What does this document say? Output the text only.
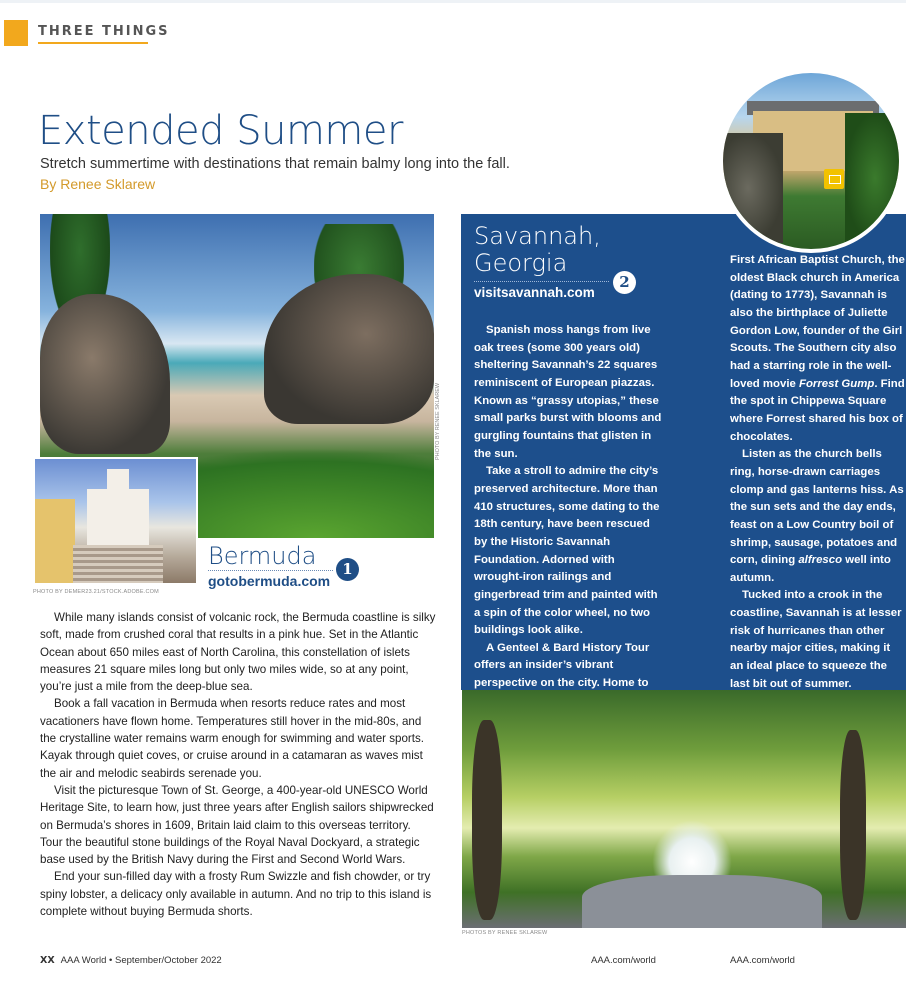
THREE THINGS
Extended Summer
Stretch summertime with destinations that remain balmy long into the fall.
By Renee Sklarew
PHOTO BY RENEE SKLAREW
PHOTO BY DEMER23.21/STOCK.ADOBE.COM
Bermuda
gotobermuda.com
1

While many islands consist of volcanic rock, the Bermuda coastline is silky soft, made from crushed coral that results in a pink hue. Set in the Atlantic Ocean about 650 miles east of North Carolina, this constellation of islets measures 21 square miles long but only two miles wide, so at any point, you’re just a mile from the deep-blue sea.

Book a fall vacation in Bermuda when resorts reduce rates and most vacationers have flown home. Temperatures still hover in the mid-80s, and the crystalline water remains warm enough for swimming and water sports. Kayak through quiet coves, or cruise around in a catamaran as waves mist the air and melodic seabirds serenade you.

Visit the picturesque Town of St. George, a 400-year-old UNESCO World Heritage Site, to learn how, just three years after English sailors shipwrecked on Bermuda’s shores in 1609, Britain laid claim to this overseas territory. Tour the beautiful stone buildings of the Royal Naval Dockyard, a strategic base used by the British Navy during the First and Second World Wars.

End your sun-filled day with a frosty Rum Swizzle and fish chowder, or try spiny lobster, a delicacy only available in autumn. And no trip to this island is complete without buying Bermuda shorts.

Savannah,
Georgia
visitsavannah.com
2

Spanish moss hangs from live oak trees (some 300 years old) sheltering Savannah’s 22 squares reminiscent of European piazzas. Known as “grassy utopias,” these small parks burst with blooms and gurgling fountains that glisten in the sun.

Take a stroll to admire the city’s preserved architecture. More than 410 structures, some dating to the 18th century, have been rescued by the Historic Savannah Foundation. Adorned with wrought-iron railings and gingerbread trim and painted with a spin of the color wheel, no two buildings look alike.

A Genteel & Bard History Tour offers an insider’s vibrant perspective on the city. Home to

First African Baptist Church, the oldest Black church in America (dating to 1773), Savannah is also the birthplace of Juliette Gordon Low, founder of the Girl Scouts. The Southern city also had a starring role in the well-loved movie Forrest Gump. Find the spot in Chippewa Square where Forrest shared his box of chocolates.

Listen as the church bells ring, horse-drawn carriages clomp and gas lanterns hiss. As the sun sets and the day ends, feast on a Low Country boil of shrimp, sausage, potatoes and corn, dining alfresco well into autumn.

Tucked into a crook in the coastline, Savannah is at lesser risk of hurricanes than other nearby major cities, making it an ideal place to squeeze the last bit out of summer.

PHOTOS BY RENEE SKLAREW
XX AAA World • September/October 2022	AAA.com/world	AAA.com/world
